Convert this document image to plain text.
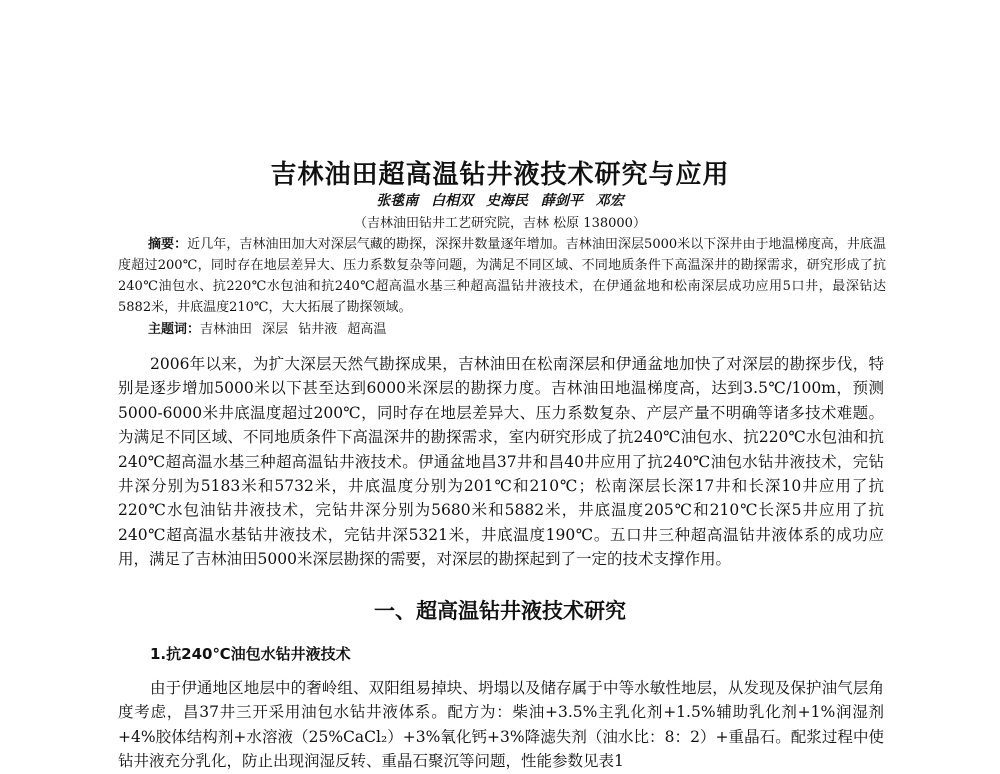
吉林油田超高温钻井液技术研究与应用
张毯南 白相双 史海民 薛剑平 邓宏
（吉林油田钻井工艺研究院，吉林 松原 138000）

摘要：近几年，吉林油田加大对深层气藏的勘探，深探井数量逐年增加。吉林油田深层5000米以下深井由于地温梯度高，井底温度超过200℃，同时存在地层差异大、压力系数复杂等问题，为满足不同区域、不同地质条件下高温深井的勘探需求，研究形成了抗240℃油包水、抗220℃水包油和抗240℃超高温水基三种超高温钻井液技术，在伊通盆地和松南深层成功应用5口井，最深钻达5882米，井底温度210℃，大大拓展了勘探领域。

主题词：吉林油田 深层 钻井液 超高温

2006年以来，为扩大深层天然气勘探成果，吉林油田在松南深层和伊通盆地加快了对深层的勘探步伐，特别是逐步增加5000米以下甚至达到6000米深层的勘探力度。吉林油田地温梯度高，达到3.5℃/100m，预测5000-6000米井底温度超过200℃，同时存在地层差异大、压力系数复杂、产层产量不明确等诸多技术难题。为满足不同区域、不同地质条件下高温深井的勘探需求，室内研究形成了抗240℃油包水、抗220℃水包油和抗240℃超高温水基三种超高温钻井液技术。伊通盆地昌37井和昌40井应用了抗240℃油包水钻井液技术，完钻井深分别为5183米和5732米，井底温度分别为201℃和210℃；松南深层长深17井和长深10井应用了抗220℃水包油钻井液技术，完钻井深分别为5680米和5882米，井底温度205℃和210℃长深5井应用了抗240℃超高温水基钻井液技术，完钻井深5321米，井底温度190℃。五口井三种超高温钻井液体系的成功应用，满足了吉林油田5000米深层勘探的需要，对深层的勘探起到了一定的技术支撑作用。

一、超高温钻井液技术研究
1.抗240℃油包水钻井液技术

由于伊通地区地层中的奢岭组、双阳组易掉块、坍塌以及储存属于中等水敏性地层，从发现及保护油气层角度考虑，昌37井三开采用油包水钻井液体系。配方为：柴油+3.5%主乳化剂+1.5%辅助乳化剂+1%润湿剂+4%胶体结构剂+水溶液（25%CaCl₂）+3%氧化钙+3%降滤失剂（油水比：8：2）+重晶石。配浆过程中使钻井液充分乳化，防止出现润湿反转、重晶石聚沉等问题，性能参数见表1
